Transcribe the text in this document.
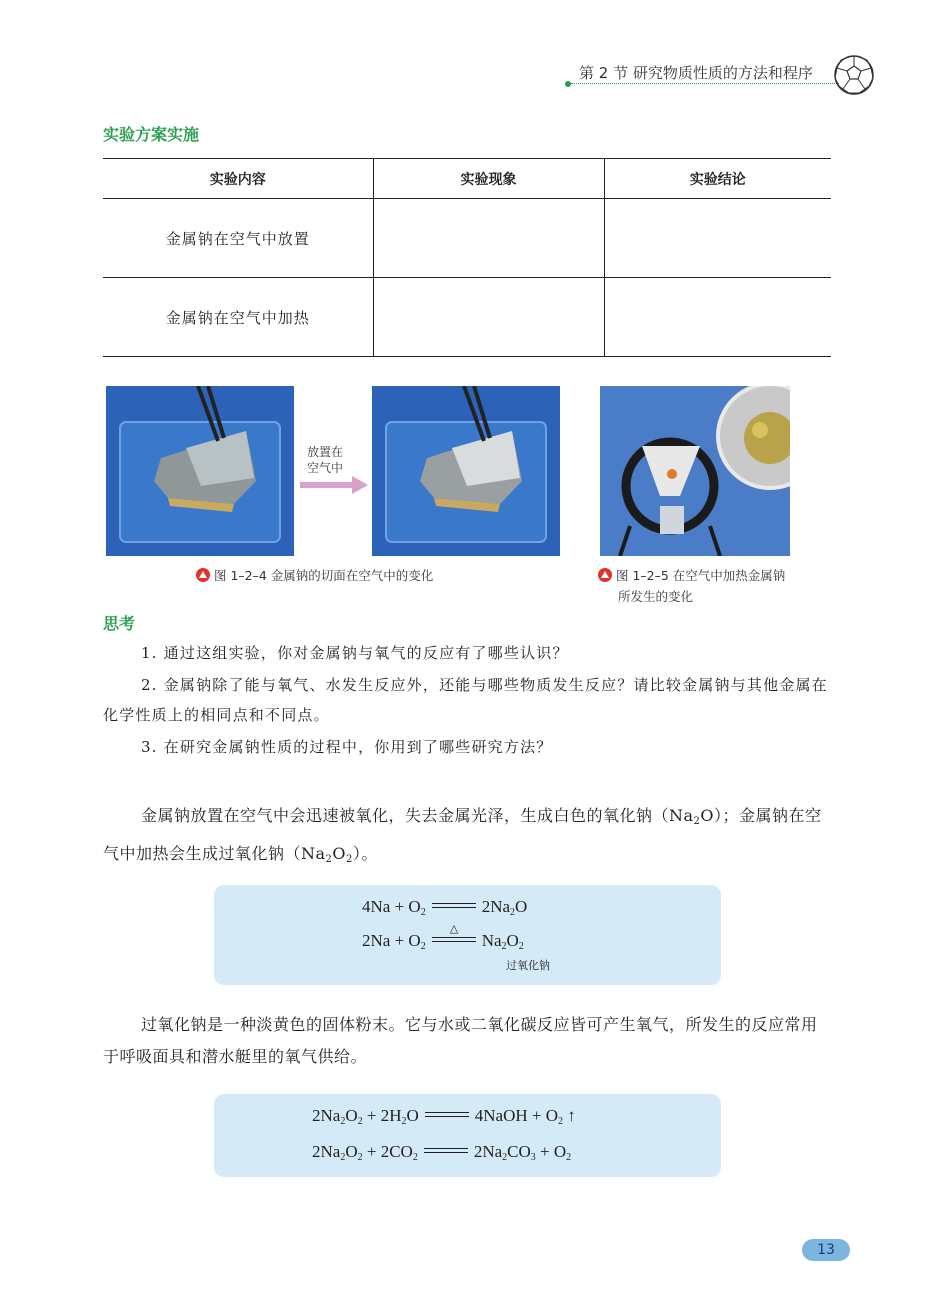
第 2 节 研究物质性质的方法和程序
实验方案实施
实验内容	实验现象	实验结论
金属钠在空气中放置		
金属钠在空气中加热		
放置在
空气中
图 1–2–4 金属钠的切面在空气中的变化	图 1–2–5 在空气中加热金属钠
所发生的变化
思考
1. 通过这组实验，你对金属钠与氧气的反应有了哪些认识？
2. 金属钠除了能与氧气、水发生反应外，还能与哪些物质发生反应？请比较金属钠与其他金属在化学性质上的相同点和不同点。
3. 在研究金属钠性质的过程中，你用到了哪些研究方法？
金属钠放置在空气中会迅速被氧化，失去金属光泽，生成白色的氧化钠$(Na_2O)$；金属钠在空气中加热会生成过氧化钠$(Na_2O_2)$。
$4Na + O_2$	$2Na_2O$
$2Na + O_2$
△
$Na_2O_2$
过氧化钠
过氧化钠是一种淡黄色的固体粉末。它与水或二氧化碳反应皆可产生氧气，所发生的反应常用于呼吸面具和潜水艇里的氧气供给。
$2Na_2O_2 + 2H_2O$	4NaOH + $O_2$ ↑
$2Na_2O_2 + 2CO_2$	$2Na_2CO_3 + O_2$
13
